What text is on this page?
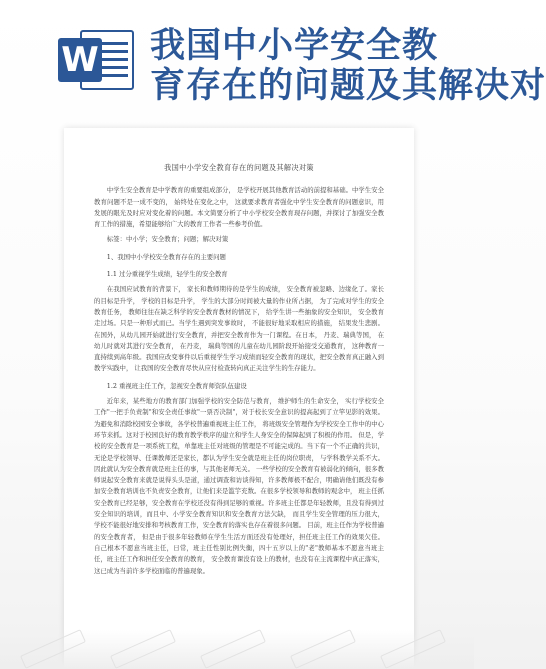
W 我国中小学安全教
育存在的问题及其解决对
我国中小学安全教育存在的问题及其解决对策
中学生安全教育是中学教育的重要组成部分， 是学校开展其他教育活动的前提和基础。中学生安全教育问题不是一成不变的， 始终处在变化之中， 这就要求教育者强化中学生安全教育的问题意识，用发展的眼光及时应对变化着的问题。本文简要分析了中小学校安全教育现存问题，并探讨了加强安全教育工作的措施，希望能够给广大的教育工作者一些参考价值。
标签：中小学；安全教育；问题；解决对策
1、我国中小学校安全教育存在的主要问题
1.1 过分重视学生成绩，轻学生的安全教育
在我国应试教育的背景下， 家长和教师期待的是学生的成绩， 安全教育被忽略、边缘化了。家长的目标是升学， 学校的目标是升学， 学生的大部分时间被大量的作业所占据， 为了完成对学生的安全教育任务， 教师往往在缺乏科学的安全教育教材的情况下， 给学生讲一些抽象的安全知识， 安全教育走过场。只是一种形式而已。当学生遇到突发事故时， 不能很好地采取相应的措施， 结果发生悲剧。在国外，从幼儿园开始就进行安全教育，并把安全教育作为一门课程。在日本， 丹麦、瑞典等国， 在幼儿时就对其进行安全教育， 在丹麦， 瑞典等国的儿童在幼儿园阶段开始接受交通教育， 这种教育一直持续到高年级。我国应改变事件以后重视学生学习成绩而轻安全教育的现状，把安全教育真正融入到教学实践中， 让我国的安全教育尽快从应付检查转向真正关注学生的生存能力。
1.2 重视班主任工作，忽视安全教育师资队伍建设
近年来，某些地方的教育部门加强学校的安全防范与教育， 维护师生的生命安全， 实行学校安全工作"一把手负责制"和安全责任事故"一票否决制"，对于校长安全意识的提高起到了立竿见影的效果。为避免和消除校园安全事故，各学校普遍重视班主任工作， 将班级安全管理作为学校安全工作中的中心环节来抓。这对于校园良好的教育教学秩序的建立和学生人身安全的保障起到了积极的作用。 但是，学校的安全教育是一项系统工程，单靠班主任对班级的管理是不可能完成的。当下有一个不正确的共识， 无论是学校领导、任课教师还是家长，都认为学生安全就是班主任的岗位职责， 与学科教学关系不大。 因此就认为安全教育就是班主任的事，与其他老师无关。 一些学校的安全教育有被弱化的倾向，很多教师说起安全教育来就是说得头头是道，通过调查和访谈得知，许多教师极不配合，明确请他们既没有参加安全教育培训也不负责安全教育，让他们来是滥竽充数。在很多学校领导和教师的观念中， 班主任抓安全教育已经足够，安全教育在学校还没有得到足够的重视。许多班主任都是年轻教师，且没有得到过安全知识的培训，而且中、小学安全教育知识和安全教育方法欠缺， 而且学生安全管理的压力很大， 学校不能很好地安排和考核教育工作，安全教育的落实也存在着很多问题。 目前，班主任作为学校普遍的安全教育者， 但是由于很多年轻教师在学生生活方面还没有处理好，担任班主任工作的效果欠佳。 自己根本不愿意当班主任，日常，班主任性别比例失衡，四十五岁以上的"老"教师基本不愿意当班主任，班主任工作和担任安全教育的教育， 安全教育课没有设上的教材，也没有在主流课程中真正落实， 这已成为当前许多学校面临的普遍现象。
